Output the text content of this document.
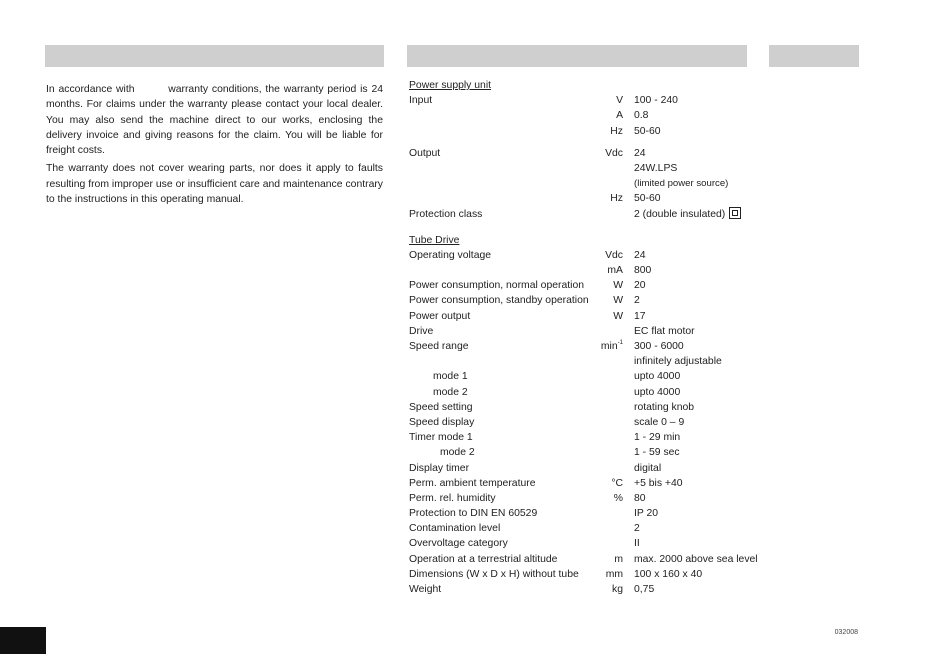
In accordance with	warranty conditions, the warranty period is 24 months. For claims under the warranty please contact your local dealer. You may also send the machine direct to our works, enclosing the delivery invoice and giving reasons for the claim. You will be liable for freight costs.

The warranty does not cover wearing parts, nor does it apply to faults resulting from improper use or insufficient care and maintenance contrary to the instructions in this operating manual.

Power supply unit
Input	V 100 - 240
A 0.8
Hz 50-60
Output	Vdc 24
24W.LPS
(limited power source)
Hz 50-60
Protection class	2 (double insulated)
Tube Drive
Operating voltage	Vdc 24
mA 800
Power consumption, normal operation	W 20
Power consumption, standby operation W 2
Power output	W 17
Drive	EC flat motor
Speed range	$\min^{-1} 300 - 6000$
infinitely adjustable
mode 1	upto 4000
mode 2	upto 4000
Speed setting	rotating knob
Speed display	scale 0 – 9
Timer mode 1	1 - 29 min
mode 2	1 - 59 sec
Display timer	digital
Perm. ambient temperature	°C +5 bis +40
Perm. rel. humidity	% 80
Protection to DIN EN 60529	IP 20
Contamination level	2
Overvoltage category	II
Operation at a terrestrial altitude	m max. 2000 above sea level
Dimensions (W x D x H) without tube	mm 100 x 160 x 40
Weight	kg 0,75
032008
